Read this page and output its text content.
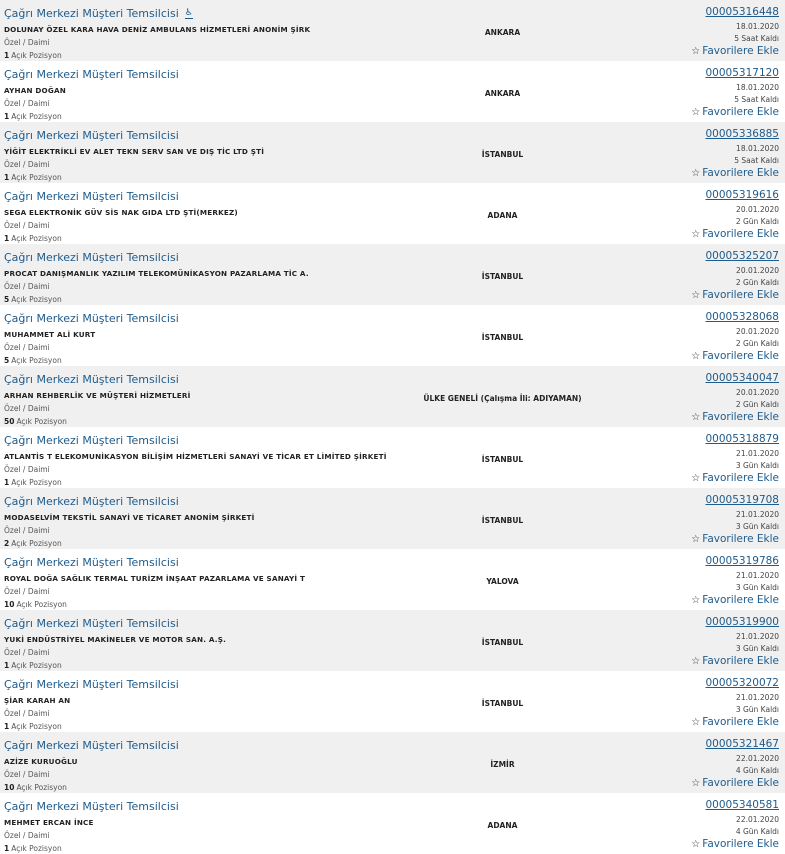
Çağrı Merkezi Müşteri Temsilcisi ♿
DOLUNAY ÖZEL KARA HAVA DENİZ AMBULANS HİZMETLERİ ANONİM ŞİRK
Özel / Daimi
1 Açık Pozisyon
ANKARA
00005316448
18.01.2020
5 Saat Kaldı
☆ Favorilere Ekle
Çağrı Merkezi Müşteri Temsilcisi
AYHAN DOĞAN
Özel / Daimi
1 Açık Pozisyon
ANKARA
00005317120
18.01.2020
5 Saat Kaldı
☆ Favorilere Ekle
Çağrı Merkezi Müşteri Temsilcisi
YİĞİT ELEKTRİKLİ EV ALET TEKN SERV SAN VE DIŞ TİC LTD ŞTİ
Özel / Daimi
1 Açık Pozisyon
İSTANBUL
00005336885
18.01.2020
5 Saat Kaldı
☆ Favorilere Ekle
Çağrı Merkezi Müşteri Temsilcisi
SEGA ELEKTRONİK GÜV SİS NAK GIDA LTD ŞTİ(MERKEZ)
Özel / Daimi
1 Açık Pozisyon
ADANA
00005319616
20.01.2020
2 Gün Kaldı
☆ Favorilere Ekle
Çağrı Merkezi Müşteri Temsilcisi
PROCAT DANIŞMANLIK YAZILIM TELEKOMÜNİKASYON PAZARLAMA TİC A.
Özel / Daimi
5 Açık Pozisyon
İSTANBUL
00005325207
20.01.2020
2 Gün Kaldı
☆ Favorilere Ekle
Çağrı Merkezi Müşteri Temsilcisi
MUHAMMET ALİ KURT
Özel / Daimi
5 Açık Pozisyon
İSTANBUL
00005328068
20.01.2020
2 Gün Kaldı
☆ Favorilere Ekle
Çağrı Merkezi Müşteri Temsilcisi
ARHAN REHBERLİK VE MÜŞTERİ HİZMETLERİ
Özel / Daimi
50 Açık Pozisyon
ÜLKE GENELİ (Çalışma İli: ADIYAMAN)
00005340047
20.01.2020
2 Gün Kaldı
☆ Favorilere Ekle
Çağrı Merkezi Müşteri Temsilcisi
ATLANTİS T ELEKOMUNİKASYON BİLİŞİM HİZMETLERİ SANAYİ VE TİCAR ET LİMİTED ŞİRKETİ
Özel / Daimi
1 Açık Pozisyon
İSTANBUL
00005318879
21.01.2020
3 Gün Kaldı
☆ Favorilere Ekle
Çağrı Merkezi Müşteri Temsilcisi
MODASELVİM TEKSTİL SANAYİ VE TİCARET ANONİM ŞİRKETİ
Özel / Daimi
2 Açık Pozisyon
İSTANBUL
00005319708
21.01.2020
3 Gün Kaldı
☆ Favorilere Ekle
Çağrı Merkezi Müşteri Temsilcisi
ROYAL DOĞA SAĞLIK TERMAL TURİZM İNŞAAT PAZARLAMA VE SANAYİ T
Özel / Daimi
10 Açık Pozisyon
YALOVA
00005319786
21.01.2020
3 Gün Kaldı
☆ Favorilere Ekle
Çağrı Merkezi Müşteri Temsilcisi
YUKİ ENDÜSTRİYEL MAKİNELER VE MOTOR SAN. A.Ş.
Özel / Daimi
1 Açık Pozisyon
İSTANBUL
00005319900
21.01.2020
3 Gün Kaldı
☆ Favorilere Ekle
Çağrı Merkezi Müşteri Temsilcisi
ŞİAR KARAH AN
Özel / Daimi
1 Açık Pozisyon
İSTANBUL
00005320072
21.01.2020
3 Gün Kaldı
☆ Favorilere Ekle
Çağrı Merkezi Müşteri Temsilcisi
AZİZE KURUOĞLU
Özel / Daimi
10 Açık Pozisyon
İZMİR
00005321467
22.01.2020
4 Gün Kaldı
☆ Favorilere Ekle
Çağrı Merkezi Müşteri Temsilcisi
MEHMET ERCAN İNCE
Özel / Daimi
1 Açık Pozisyon
ADANA
00005340581
22.01.2020
4 Gün Kaldı
☆ Favorilere Ekle
